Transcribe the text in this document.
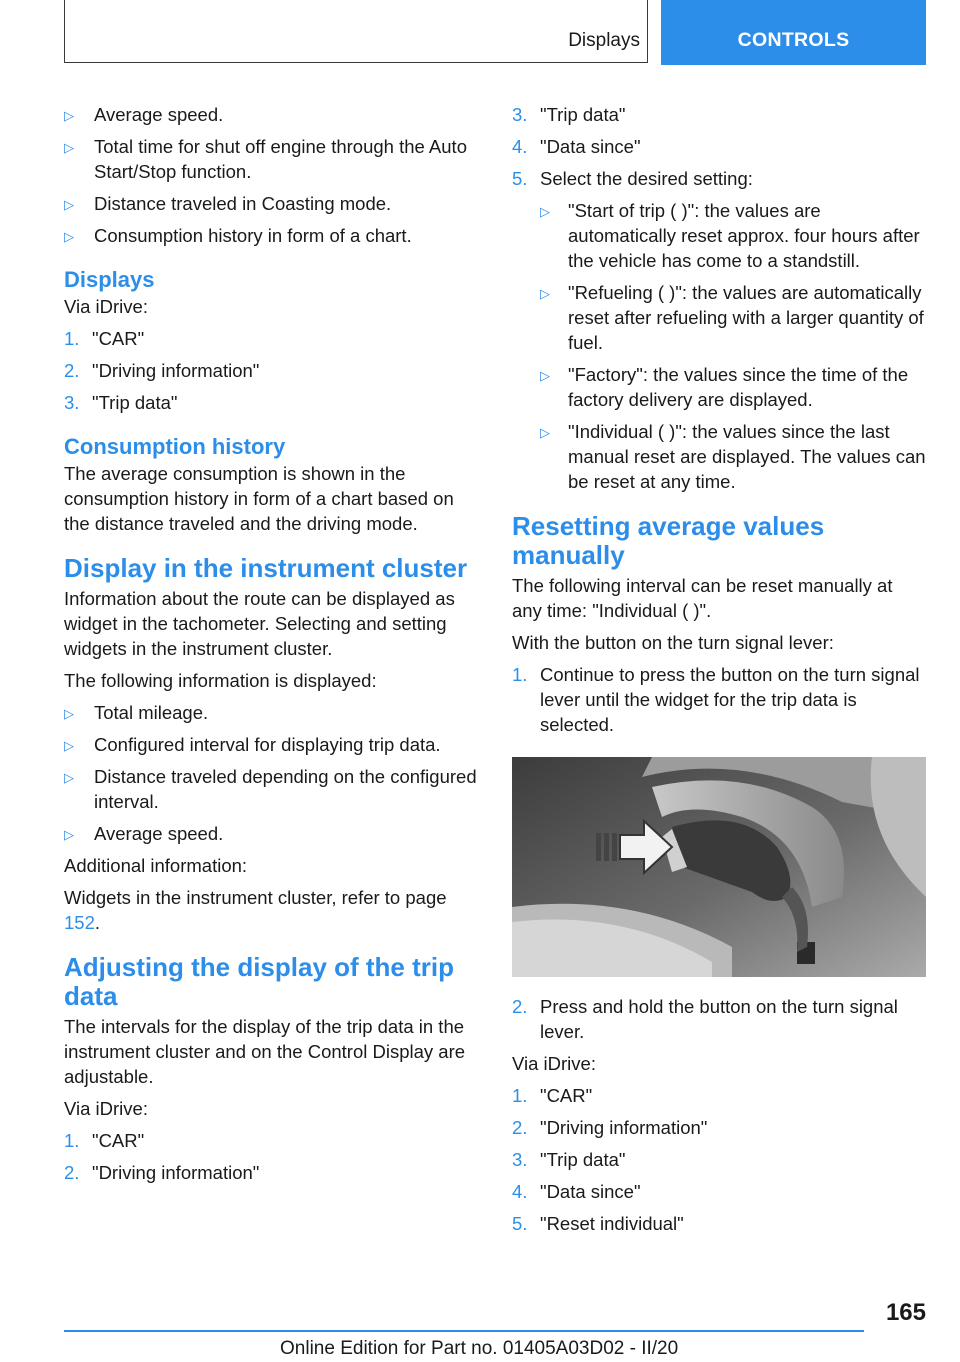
Displays	CONTROLS
▷ Average speed.
▷ Total time for shut off engine through the Auto Start/Stop function.
▷ Distance traveled in Coasting mode.
▷ Consumption history in form of a chart.
Displays

Via iDrive:

1. "CAR"
2. "Driving information"
3. "Trip data"
Consumption history

The average consumption is shown in the consumption history in form of a chart based on the distance traveled and the driving mode.

Display in the instrument cluster

Information about the route can be displayed as widget in the tachometer. Selecting and setting widgets in the instrument cluster.

The following information is displayed:

▷ Total mileage.
▷ Configured interval for displaying trip data.
▷ Distance traveled depending on the configured interval.
▷ Average speed.

Additional information:

Widgets in the instrument cluster, refer to page 152.

Adjusting the display of the trip data

The intervals for the display of the trip data in the instrument cluster and on the Control Display are adjustable.

Via iDrive:

1. "CAR"
2. "Driving information"
3. "Trip data"
4. "Data since"
5. Select the desired setting:
▷ "Start of trip ( )": the values are automatically reset approx. four hours after the vehicle has come to a standstill.
▷ "Refueling ( )": the values are automatically reset after refueling with a larger quantity of fuel.
▷ "Factory": the values since the time of the factory delivery are displayed.
▷ "Individual ( )": the values since the last manual reset are displayed. The values can be reset at any time.
Resetting average values manually

The following interval can be reset manually at any time: "Individual ( )".

With the button on the turn signal lever:

1. Continue to press the button on the turn signal lever until the widget for the trip data is selected.
2. Press and hold the button on the turn signal lever.

Via iDrive:

1. "CAR"
2. "Driving information"
3. "Trip data"
4. "Data since"
5. "Reset individual"
165
Online Edition for Part no. 01405A03D02 - II/20
